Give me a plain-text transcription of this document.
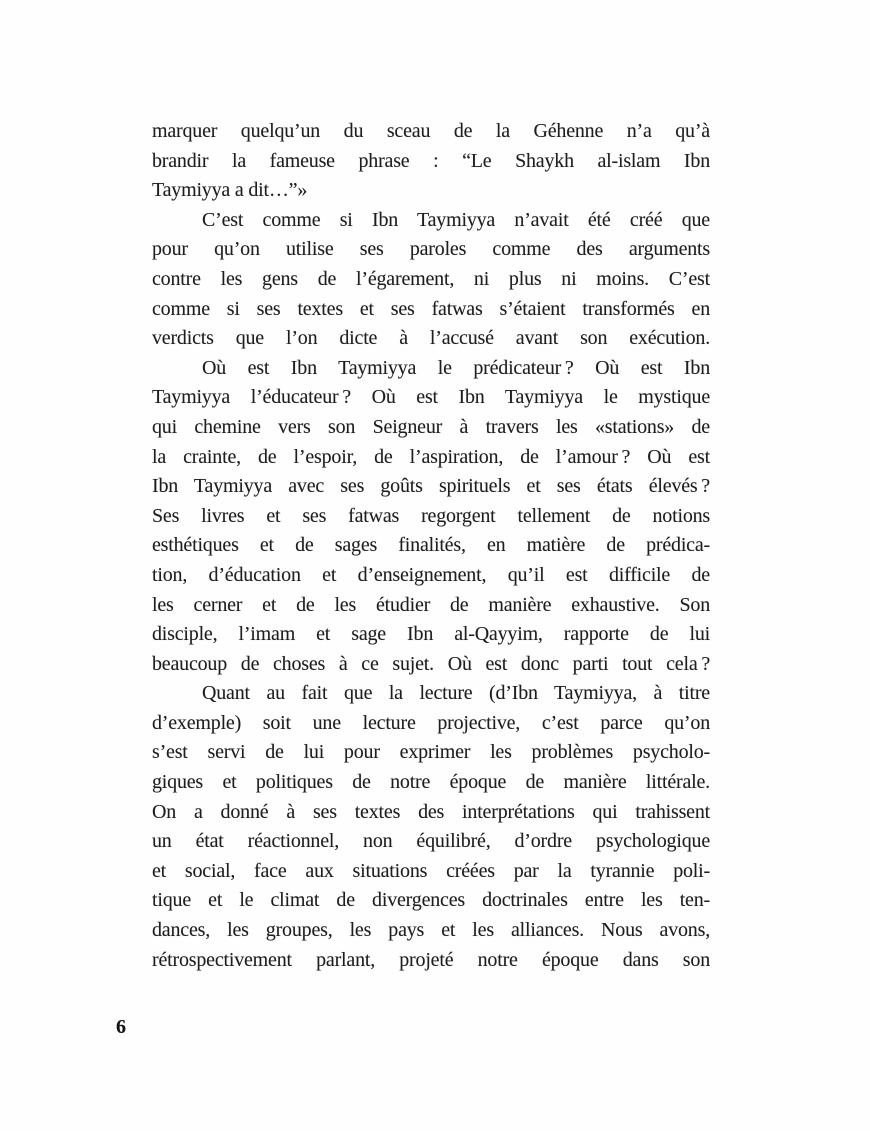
marquer quelqu’un du sceau de la Géhenne n’a qu’à
brandir la fameuse phrase : “Le Shaykh al-islam Ibn
Taymiyya a dit…”»
C’est comme si Ibn Taymiyya n’avait été créé que
pour qu’on utilise ses paroles comme des arguments
contre les gens de l’égarement, ni plus ni moins. C’est
comme si ses textes et ses fatwas s’étaient transformés en
verdicts que l’on dicte à l’accusé avant son exécution.
Où est Ibn Taymiyya le prédicateur ? Où est Ibn
Taymiyya l’éducateur ? Où est Ibn Taymiyya le mystique
qui chemine vers son Seigneur à travers les «stations» de
la crainte, de l’espoir, de l’aspiration, de l’amour ? Où est
Ibn Taymiyya avec ses goûts spirituels et ses états élevés ?
Ses livres et ses fatwas regorgent tellement de notions
esthétiques et de sages finalités, en matière de prédica-
tion, d’éducation et d’enseignement, qu’il est difficile de
les cerner et de les étudier de manière exhaustive. Son
disciple, l’imam et sage Ibn al-Qayyim, rapporte de lui
beaucoup de choses à ce sujet. Où est donc parti tout cela ?
Quant au fait que la lecture (d’Ibn Taymiyya, à titre
d’exemple) soit une lecture projective, c’est parce qu’on
s’est servi de lui pour exprimer les problèmes psycholo-
giques et politiques de notre époque de manière littérale.
On a donné à ses textes des interprétations qui trahissent
un état réactionnel, non équilibré, d’ordre psychologique
et social, face aux situations créées par la tyrannie poli-
tique et le climat de divergences doctrinales entre les ten-
dances, les groupes, les pays et les alliances. Nous avons,
rétrospectivement parlant, projeté notre époque dans son
6
